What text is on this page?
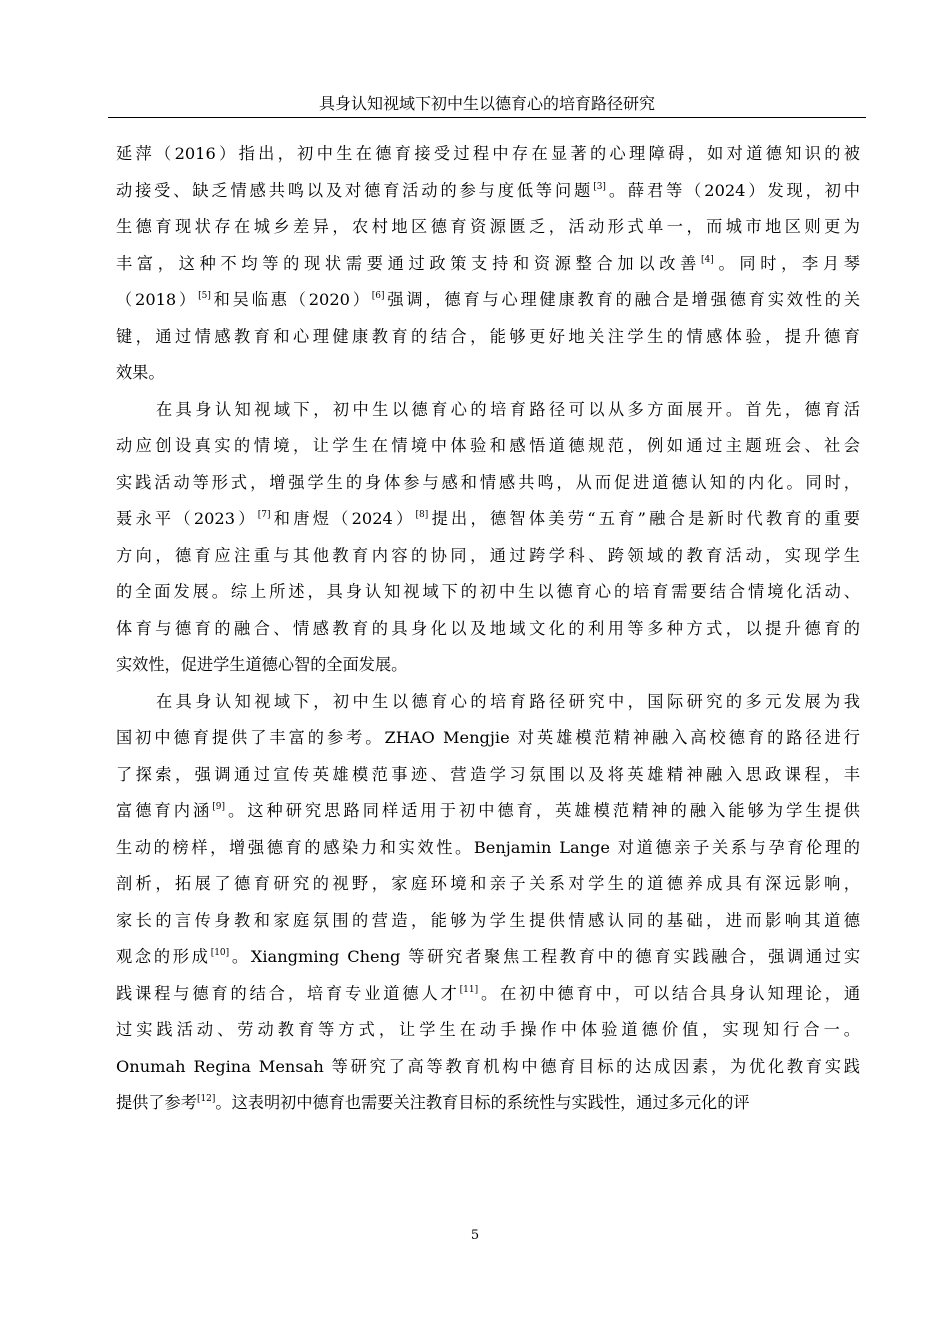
具身认知视域下初中生以德育心的培育路径研究
延萍（2016）指出，初中生在德育接受过程中存在显著的心理障碍，如对道德知识的被
动接受、缺乏情感共鸣以及对德育活动的参与度低等问题[3]。薛君等（2024）发现，初中
生德育现状存在城乡差异，农村地区德育资源匮乏，活动形式单一，而城市地区则更为
丰富，这种不均等的现状需要通过政策支持和资源整合加以改善[4]。同时，李月琴
（2018）[5]和吴临惠（2020）[6]强调，德育与心理健康教育的融合是增强德育实效性的关
键，通过情感教育和心理健康教育的结合，能够更好地关注学生的情感体验，提升德育
效果。
在具身认知视域下，初中生以德育心的培育路径可以从多方面展开。首先，德育活
动应创设真实的情境，让学生在情境中体验和感悟道德规范，例如通过主题班会、社会
实践活动等形式，增强学生的身体参与感和情感共鸣，从而促进道德认知的内化。同时，
聂永平（2023）[7]和唐煜（2024）[8]提出，德智体美劳“五育”融合是新时代教育的重要
方向，德育应注重与其他教育内容的协同，通过跨学科、跨领域的教育活动，实现学生
的全面发展。综上所述，具身认知视域下的初中生以德育心的培育需要结合情境化活动、
体育与德育的融合、情感教育的具身化以及地域文化的利用等多种方式，以提升德育的
实效性，促进学生道德心智的全面发展。
在具身认知视域下，初中生以德育心的培育路径研究中，国际研究的多元发展为我
国初中德育提供了丰富的参考。ZHAO Mengjie 对英雄模范精神融入高校德育的路径进行
了探索，强调通过宣传英雄模范事迹、营造学习氛围以及将英雄精神融入思政课程，丰
富德育内涵[9]。这种研究思路同样适用于初中德育，英雄模范精神的融入能够为学生提供
生动的榜样，增强德育的感染力和实效性。Benjamin Lange 对道德亲子关系与孕育伦理的
剖析，拓展了德育研究的视野，家庭环境和亲子关系对学生的道德养成具有深远影响，
家长的言传身教和家庭氛围的营造，能够为学生提供情感认同的基础，进而影响其道德
观念的形成[10]。Xiangming Cheng 等研究者聚焦工程教育中的德育实践融合，强调通过实
践课程与德育的结合，培育专业道德人才[11]。在初中德育中，可以结合具身认知理论，通
过实践活动、劳动教育等方式，让学生在动手操作中体验道德价值，实现知行合一。
Onumah Regina Mensah 等研究了高等教育机构中德育目标的达成因素，为优化教育实践
提供了参考[12]。这表明初中德育也需要关注教育目标的系统性与实践性，通过多元化的评
5
